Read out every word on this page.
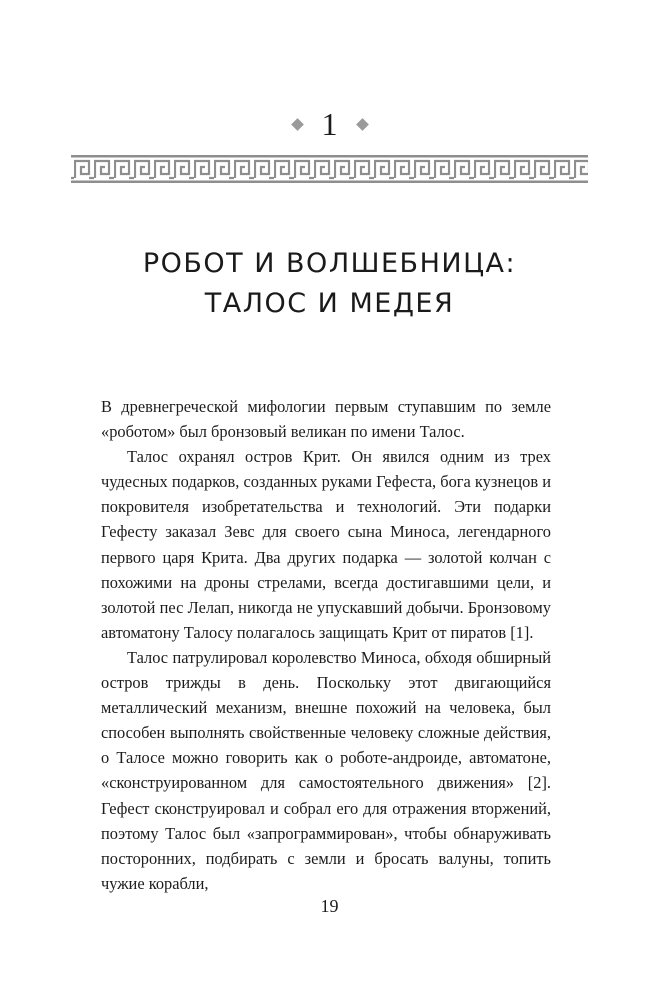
1
РОБОТ И ВОЛШЕБНИЦА:
ТАЛОС И МЕДЕЯ

В древнегреческой мифологии первым ступавшим по земле «роботом» был бронзовый великан по имени Талос.

Талос охранял остров Крит. Он явился одним из трех чудесных подарков, созданных руками Гефеста, бога кузнецов и покровителя изобретательства и технологий. Эти подарки Гефесту заказал Зевс для своего сына Миноса, легендарного первого царя Крита. Два других подарка — золотой колчан с похожими на дроны стрелами, всегда достигавшими цели, и золотой пес Лелап, никогда не упускавший добычи. Бронзовому автоматону Талосу полагалось защищать Крит от пиратов [1].

Талос патрулировал королевство Миноса, обходя обширный остров трижды в день. Поскольку этот двигающийся металлический механизм, внешне похожий на человека, был способен выполнять свойственные человеку сложные действия, о Талосе можно говорить как о роботе-андроиде, автоматоне, «сконструированном для самостоятельного движения» [2]. Гефест сконструировал и собрал его для отражения вторжений, поэтому Талос был «запрограммирован», чтобы обнаруживать посторонних, подбирать с земли и бросать валуны, топить чужие корабли,

19
